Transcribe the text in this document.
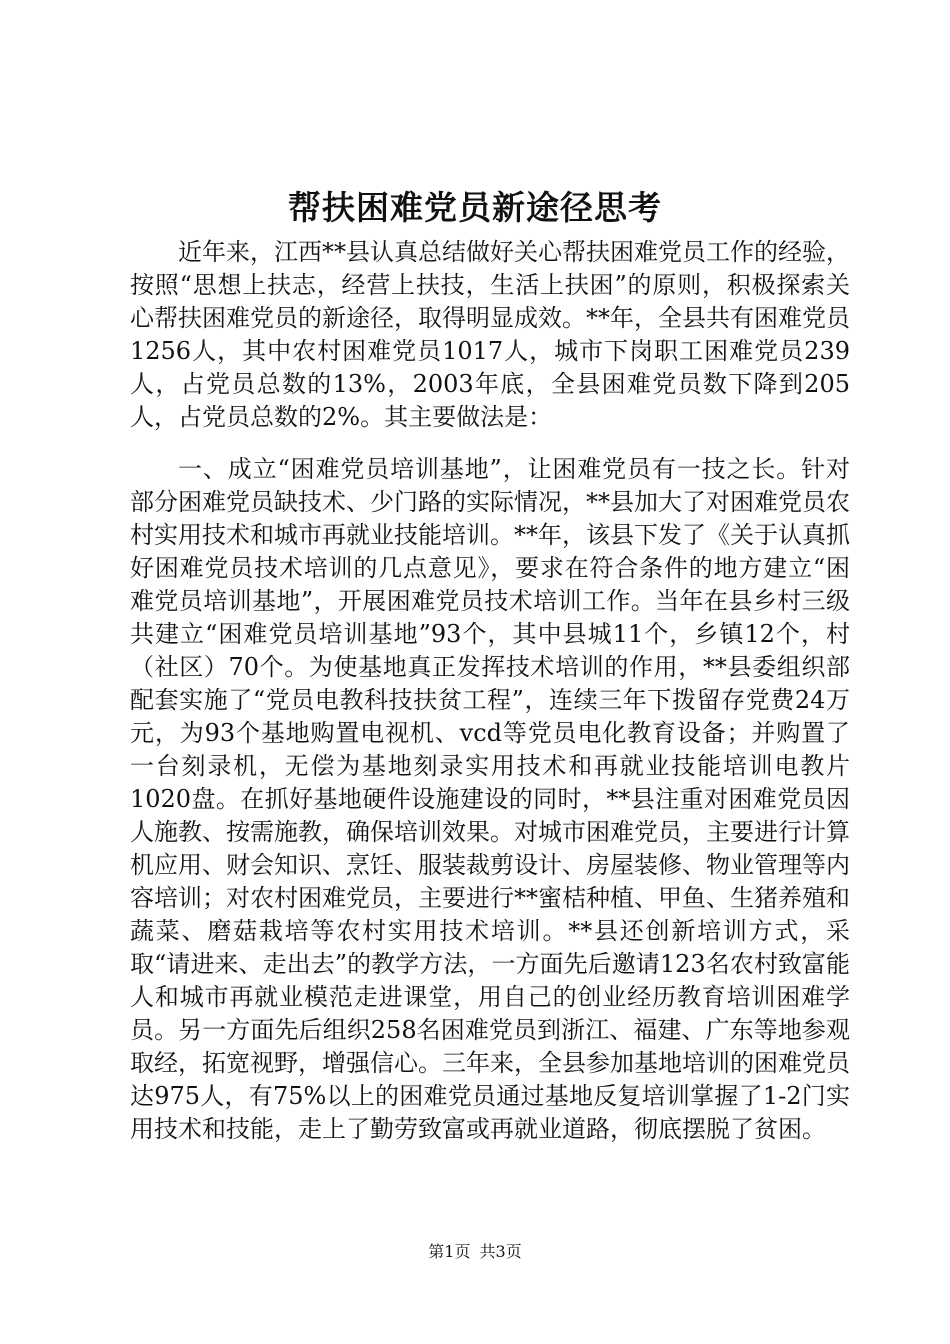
帮扶困难党员新途径思考

近年来，江西**县认真总结做好关心帮扶困难党员工作的经验，按照“思想上扶志，经营上扶技，生活上扶困”的原则，积极探索关心帮扶困难党员的新途径，取得明显成效。**年，全县共有困难党员1256人，其中农村困难党员1017人，城市下岗职工困难党员239人，占党员总数的13%，2003年底，全县困难党员数下降到205人，占党员总数的2%。其主要做法是：

一、成立“困难党员培训基地”，让困难党员有一技之长。针对部分困难党员缺技术、少门路的实际情况，**县加大了对困难党员农村实用技术和城市再就业技能培训。**年，该县下发了《关于认真抓好困难党员技术培训的几点意见》，要求在符合条件的地方建立“困难党员培训基地”，开展困难党员技术培训工作。当年在县乡村三级共建立“困难党员培训基地”93个，其中县城11个，乡镇12个，村（社区）70个。为使基地真正发挥技术培训的作用，**县委组织部配套实施了“党员电教科技扶贫工程”，连续三年下拨留存党费24万元，为93个基地购置电视机、vcd等党员电化教育设备；并购置了一台刻录机，无偿为基地刻录实用技术和再就业技能培训电教片1020盘。在抓好基地硬件设施建设的同时，**县注重对困难党员因人施教、按需施教，确保培训效果。对城市困难党员，主要进行计算机应用、财会知识、烹饪、服装裁剪设计、房屋装修、物业管理等内容培训；对农村困难党员，主要进行**蜜桔种植、甲鱼、生猪养殖和蔬菜、磨菇栽培等农村实用技术培训。**县还创新培训方式，采取“请进来、走出去”的教学方法，一方面先后邀请123名农村致富能人和城市再就业模范走进课堂，用自己的创业经历教育培训困难学员。另一方面先后组织258名困难党员到浙江、福建、广东等地参观取经，拓宽视野，增强信心。三年来，全县参加基地培训的困难党员达975人，有75%以上的困难党员通过基地反复培训掌握了1-2门实用技术和技能，走上了勤劳致富或再就业道路，彻底摆脱了贫困。

第1页 共3页
